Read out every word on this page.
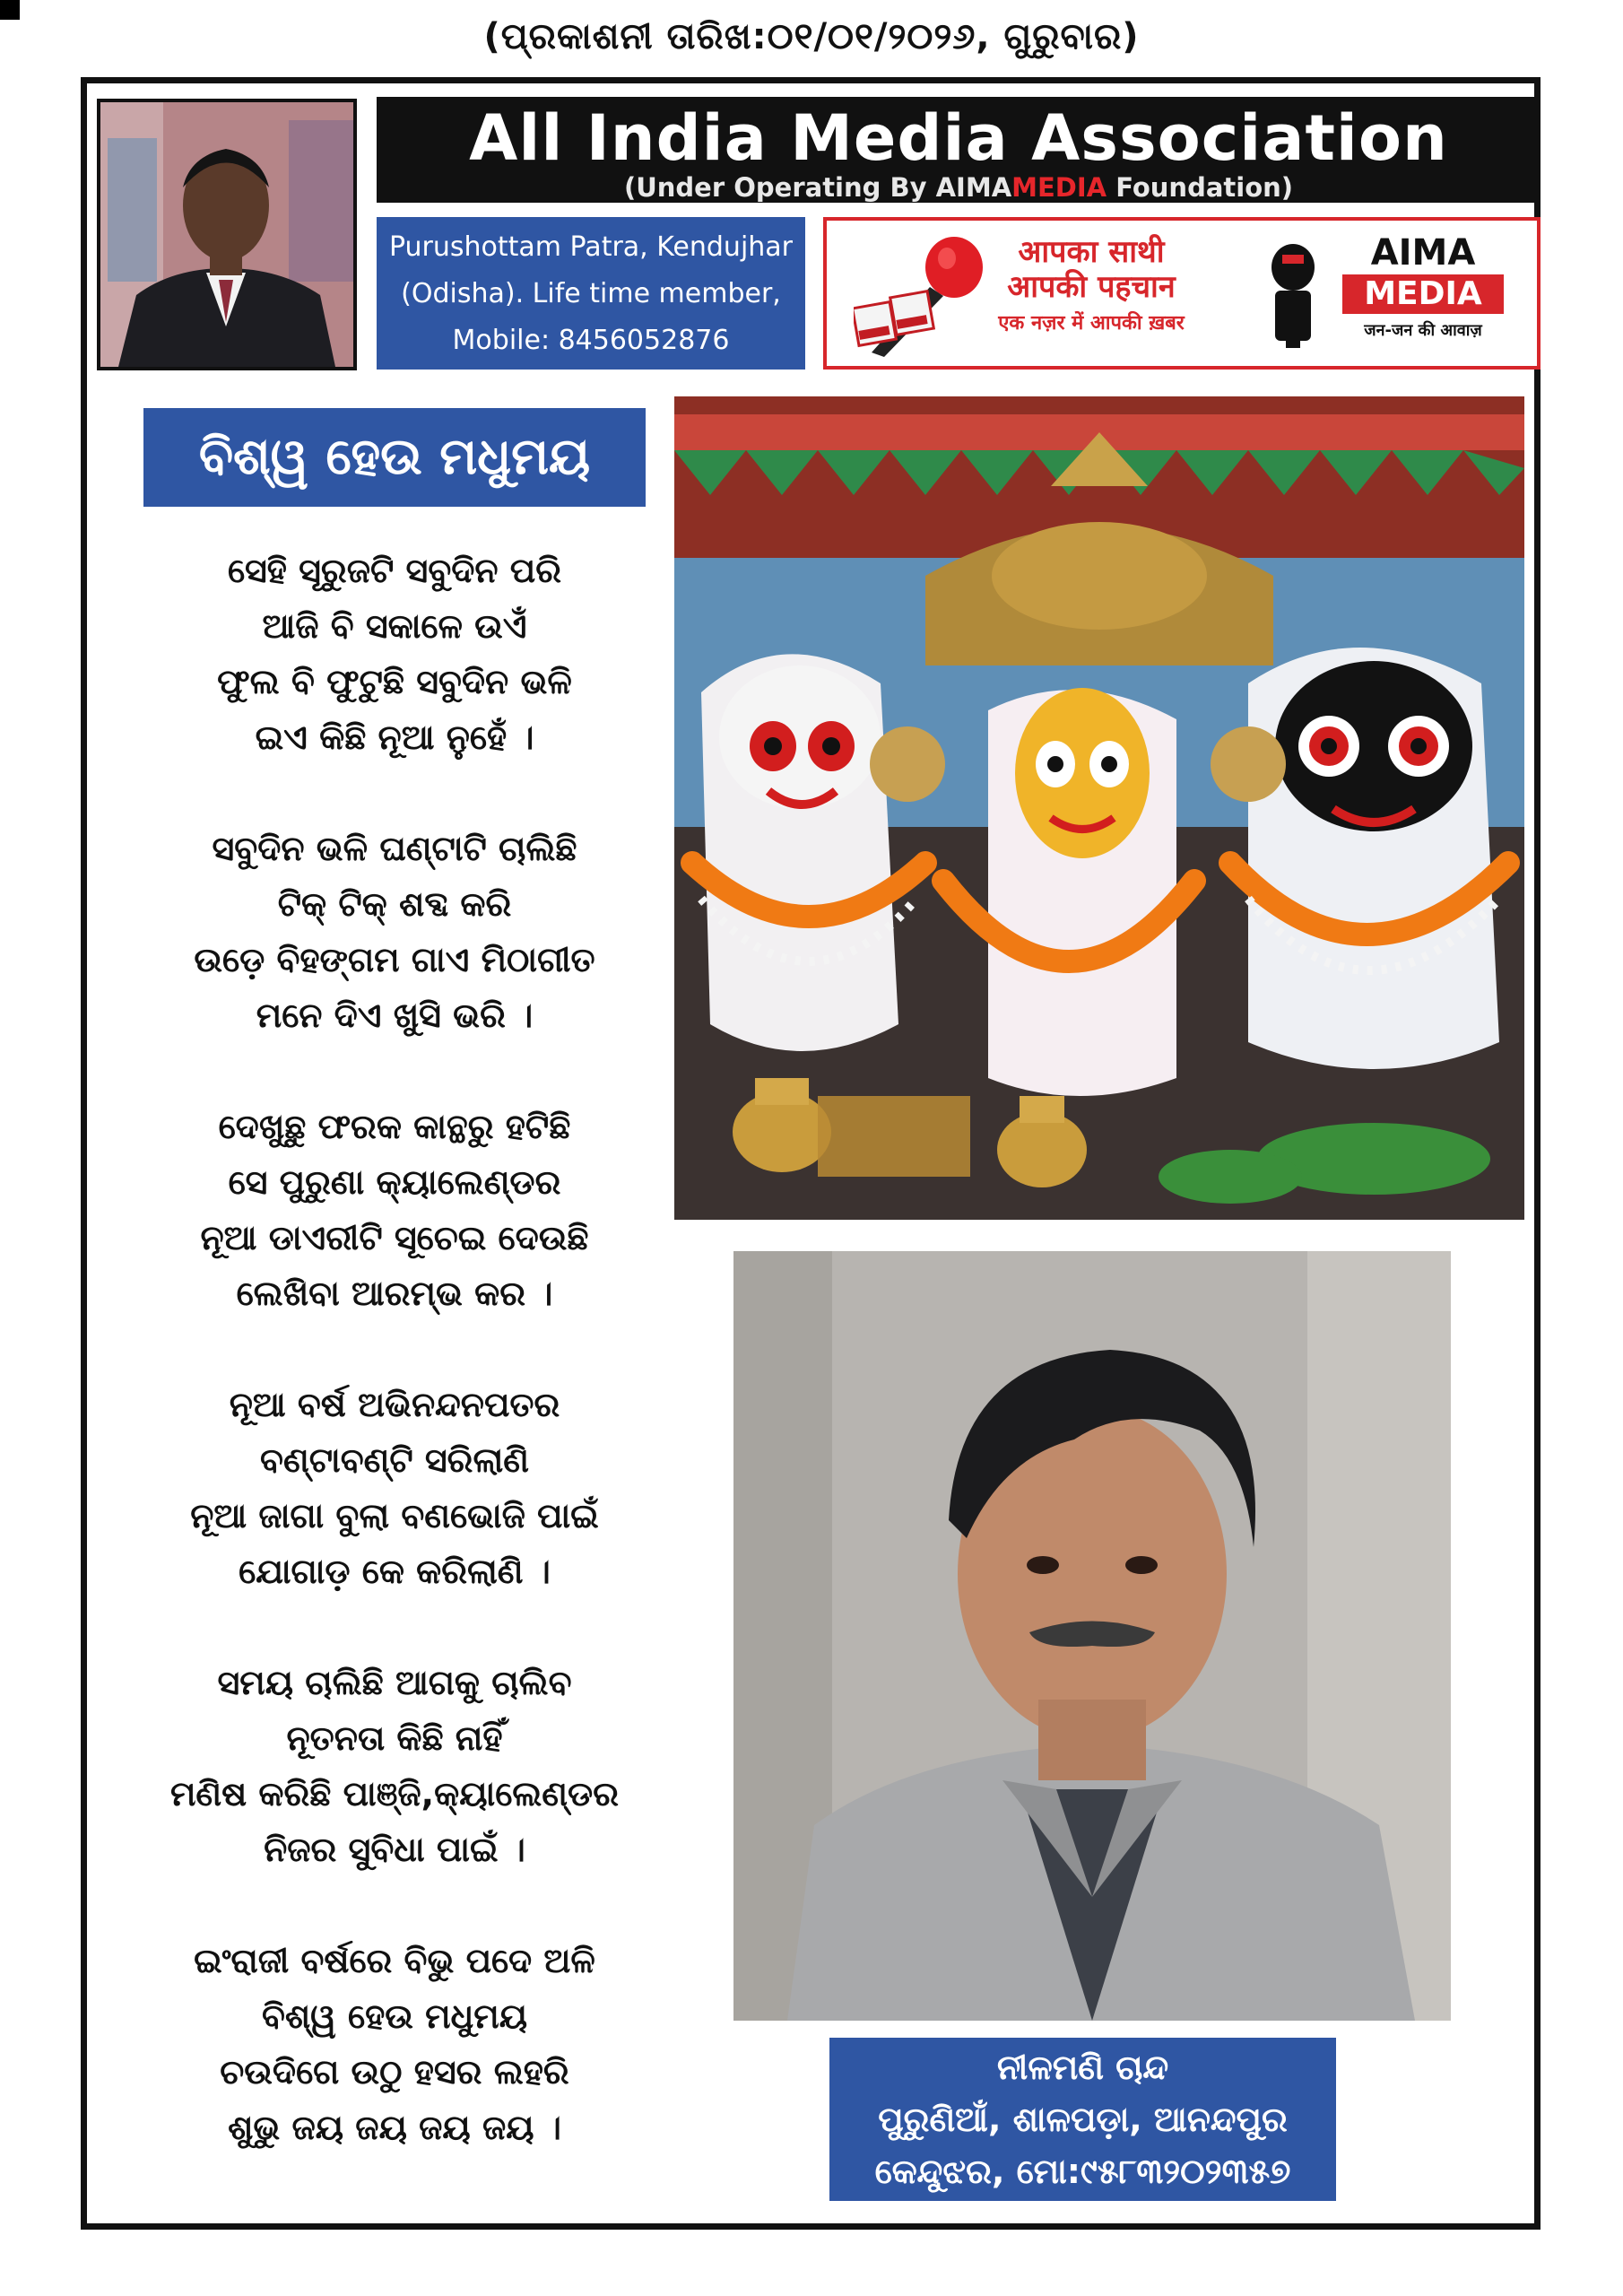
(ପ୍ରକାଶନୀ ତାରିଖ:୦୧/୦୧/୨୦୨୬, ଗୁରୁବାର)
All India Media Association
(Under Operating By AIMAMEDIA Foundation)
Purushottam Patra, Kendujhar
(Odisha). Life time member,
Mobile: 8456052876
आपका साथी
आपकी पहचान
एक नज़र में आपकी ख़बर
AIMA
MEDIA
जन-जन की आवाज़
ବିଶ୍ୱ ହେଉ ମଧୁମୟ
ସେହି ସୂରୁଜଟି ସବୁଦିନ ପରି
ଆଜି ବି ସକାଳେ ଉଏଁ
ଫୁଲ ବି ଫୁଟୁଛି ସବୁଦିନ ଭଳି
ଇଏ କିଛି ନୂଆ ନୁହେଁ ।
ସବୁଦିନ ଭଳି ଘଣ୍ଟାଟି ଚାଲିଛି
ଟିକ୍ ଟିକ୍ ଶବ୍ଦ କରି
ଉଡ଼େ ବିହଙ୍ଗମ ଗାଏ ମିଠାଗୀତ
ମନେ ଦିଏ ଖୁସି ଭରି ।
ଦେଖୁଛୁ ଫରକ କାନ୍ଥରୁ ହଟିଛି
ସେ ପୁରୁଣା କ୍ୟାଲେଣ୍ଡର
ନୂଆ ଡାଏରୀଟି ସୂଚେଇ ଦେଉଛି
ଲେଖିବା ଆରମ୍ଭ କର ।
ନୂଆ ବର୍ଷ ଅଭିନନ୍ଦନପତର
ବଣ୍ଟାବଣ୍ଟି ସରିଲାଣି
ନୂଆ ଜାଗା ବୁଲା ବଣଭୋଜି ପାଇଁ
ଯୋଗାଡ଼ କେ କରିଲାଣି ।
ସମୟ ଚାଲିଛି ଆଗକୁ ଚାଲିବ
ନୂତନତା କିଛି ନାହିଁ
ମଣିଷ କରିଛି ପାଞ୍ଜି,କ୍ୟାଲେଣ୍ଡର
ନିଜର ସୁବିଧା ପାଇଁ ।
ଇଂରାଜୀ ବର୍ଷରେ ବିଭୁ ପଦେ ଅଳି
ବିଶ୍ୱ ହେଉ ମଧୁମୟ
ଚଉଦିଗେ ଉଠୁ ହସର ଲହରି
ଶୁଭୁ ଜୟ ଜୟ ଜୟ ଜୟ ।
ନୀଳମଣି ଚାନ୍ଦ
ପୁରୁଣିଆଁ, ଶାଳପଡ଼ା, ଆନନ୍ଦପୁର
କେନ୍ଦୁଝର, ମୋ:୯୫୮୩୨୦୨୩୫୭
